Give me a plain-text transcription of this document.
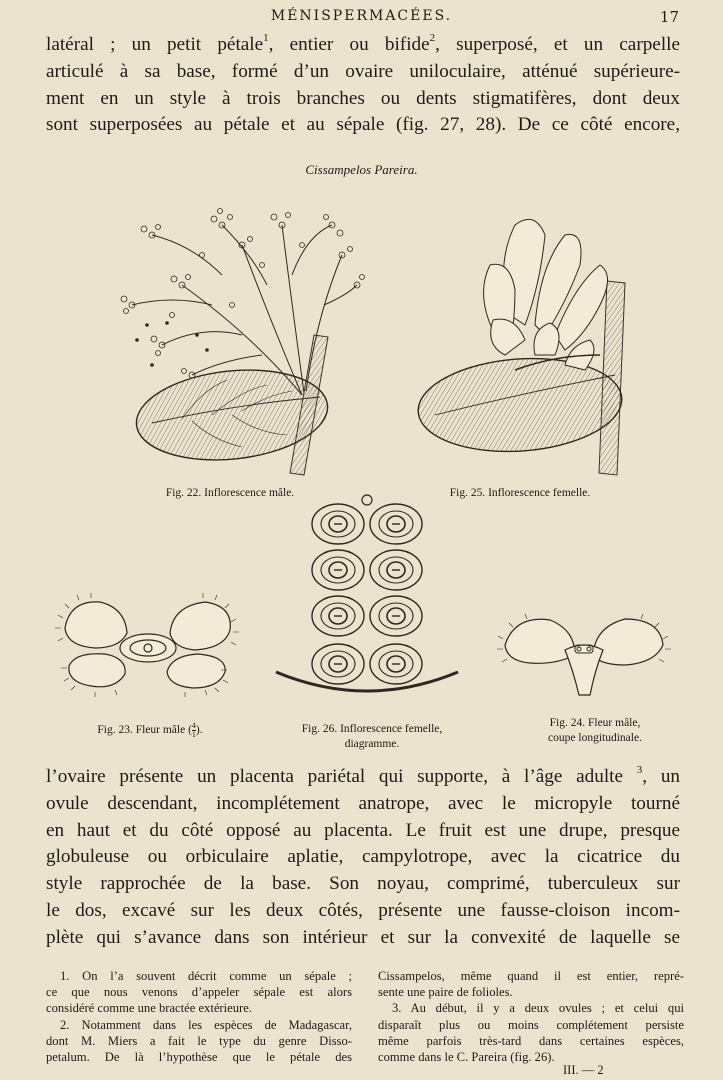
MÉNISPERMACÉES.	17
latéral ; un petit pétale$^1$, entier ou bifide$^2$, superposé, et un carpelle
articulé à sa base, formé d’un ovaire uniloculaire, atténué supérieure-
ment en un style à trois branches ou dents stigmatifères, dont deux
sont superposées au pétale et au sépale (fig. 27, 28). De ce côté encore,
Cissampelos Pareira.
Fig. 22. Inflorescence mâle.	Fig. 25. Inflorescence femelle.
Fig. 26. Inflorescence femelle,
diagramme.
Fig. 23. Fleur mâle ( $\frac{4}{1}$ ).
Fig. 24. Fleur mâle,
coupe longitudinale.
l’ovaire présente un placenta pariétal qui supporte, à l’âge adulte $^3$, un
ovule descendant, incomplétement anatrope, avec le micropyle tourné
en haut et du côté opposé au placenta. Le fruit est une drupe, presque
globuleuse ou orbiculaire aplatie, campylotrope, avec la cicatrice du
style rapprochée de la base. Son noyau, comprimé, tuberculeux sur
le dos, excavé sur les deux côtés, présente une fausse-cloison incom-
plète qui s’avance dans son intérieur et sur la convexité de laquelle se
1. On l’a souvent décrit comme un sépale ;
ce que nous venons d’appeler sépale est alors
considéré comme une bractée extérieure.
2. Notamment dans les espèces de Madagascar,
dont M. Miers a fait le type du genre Disso-
petalum. De là l’hypothèse que le pétale des
Cissampelos, même quand il est entier, repré-
sente une paire de folioles.
3. Au début, il y a deux ovules ; et celui qui
disparaît plus ou moins complétement persiste
même parfois très-tard dans certaines espèces,
comme dans le C. Pareira (fig. 26).
III. — 2
